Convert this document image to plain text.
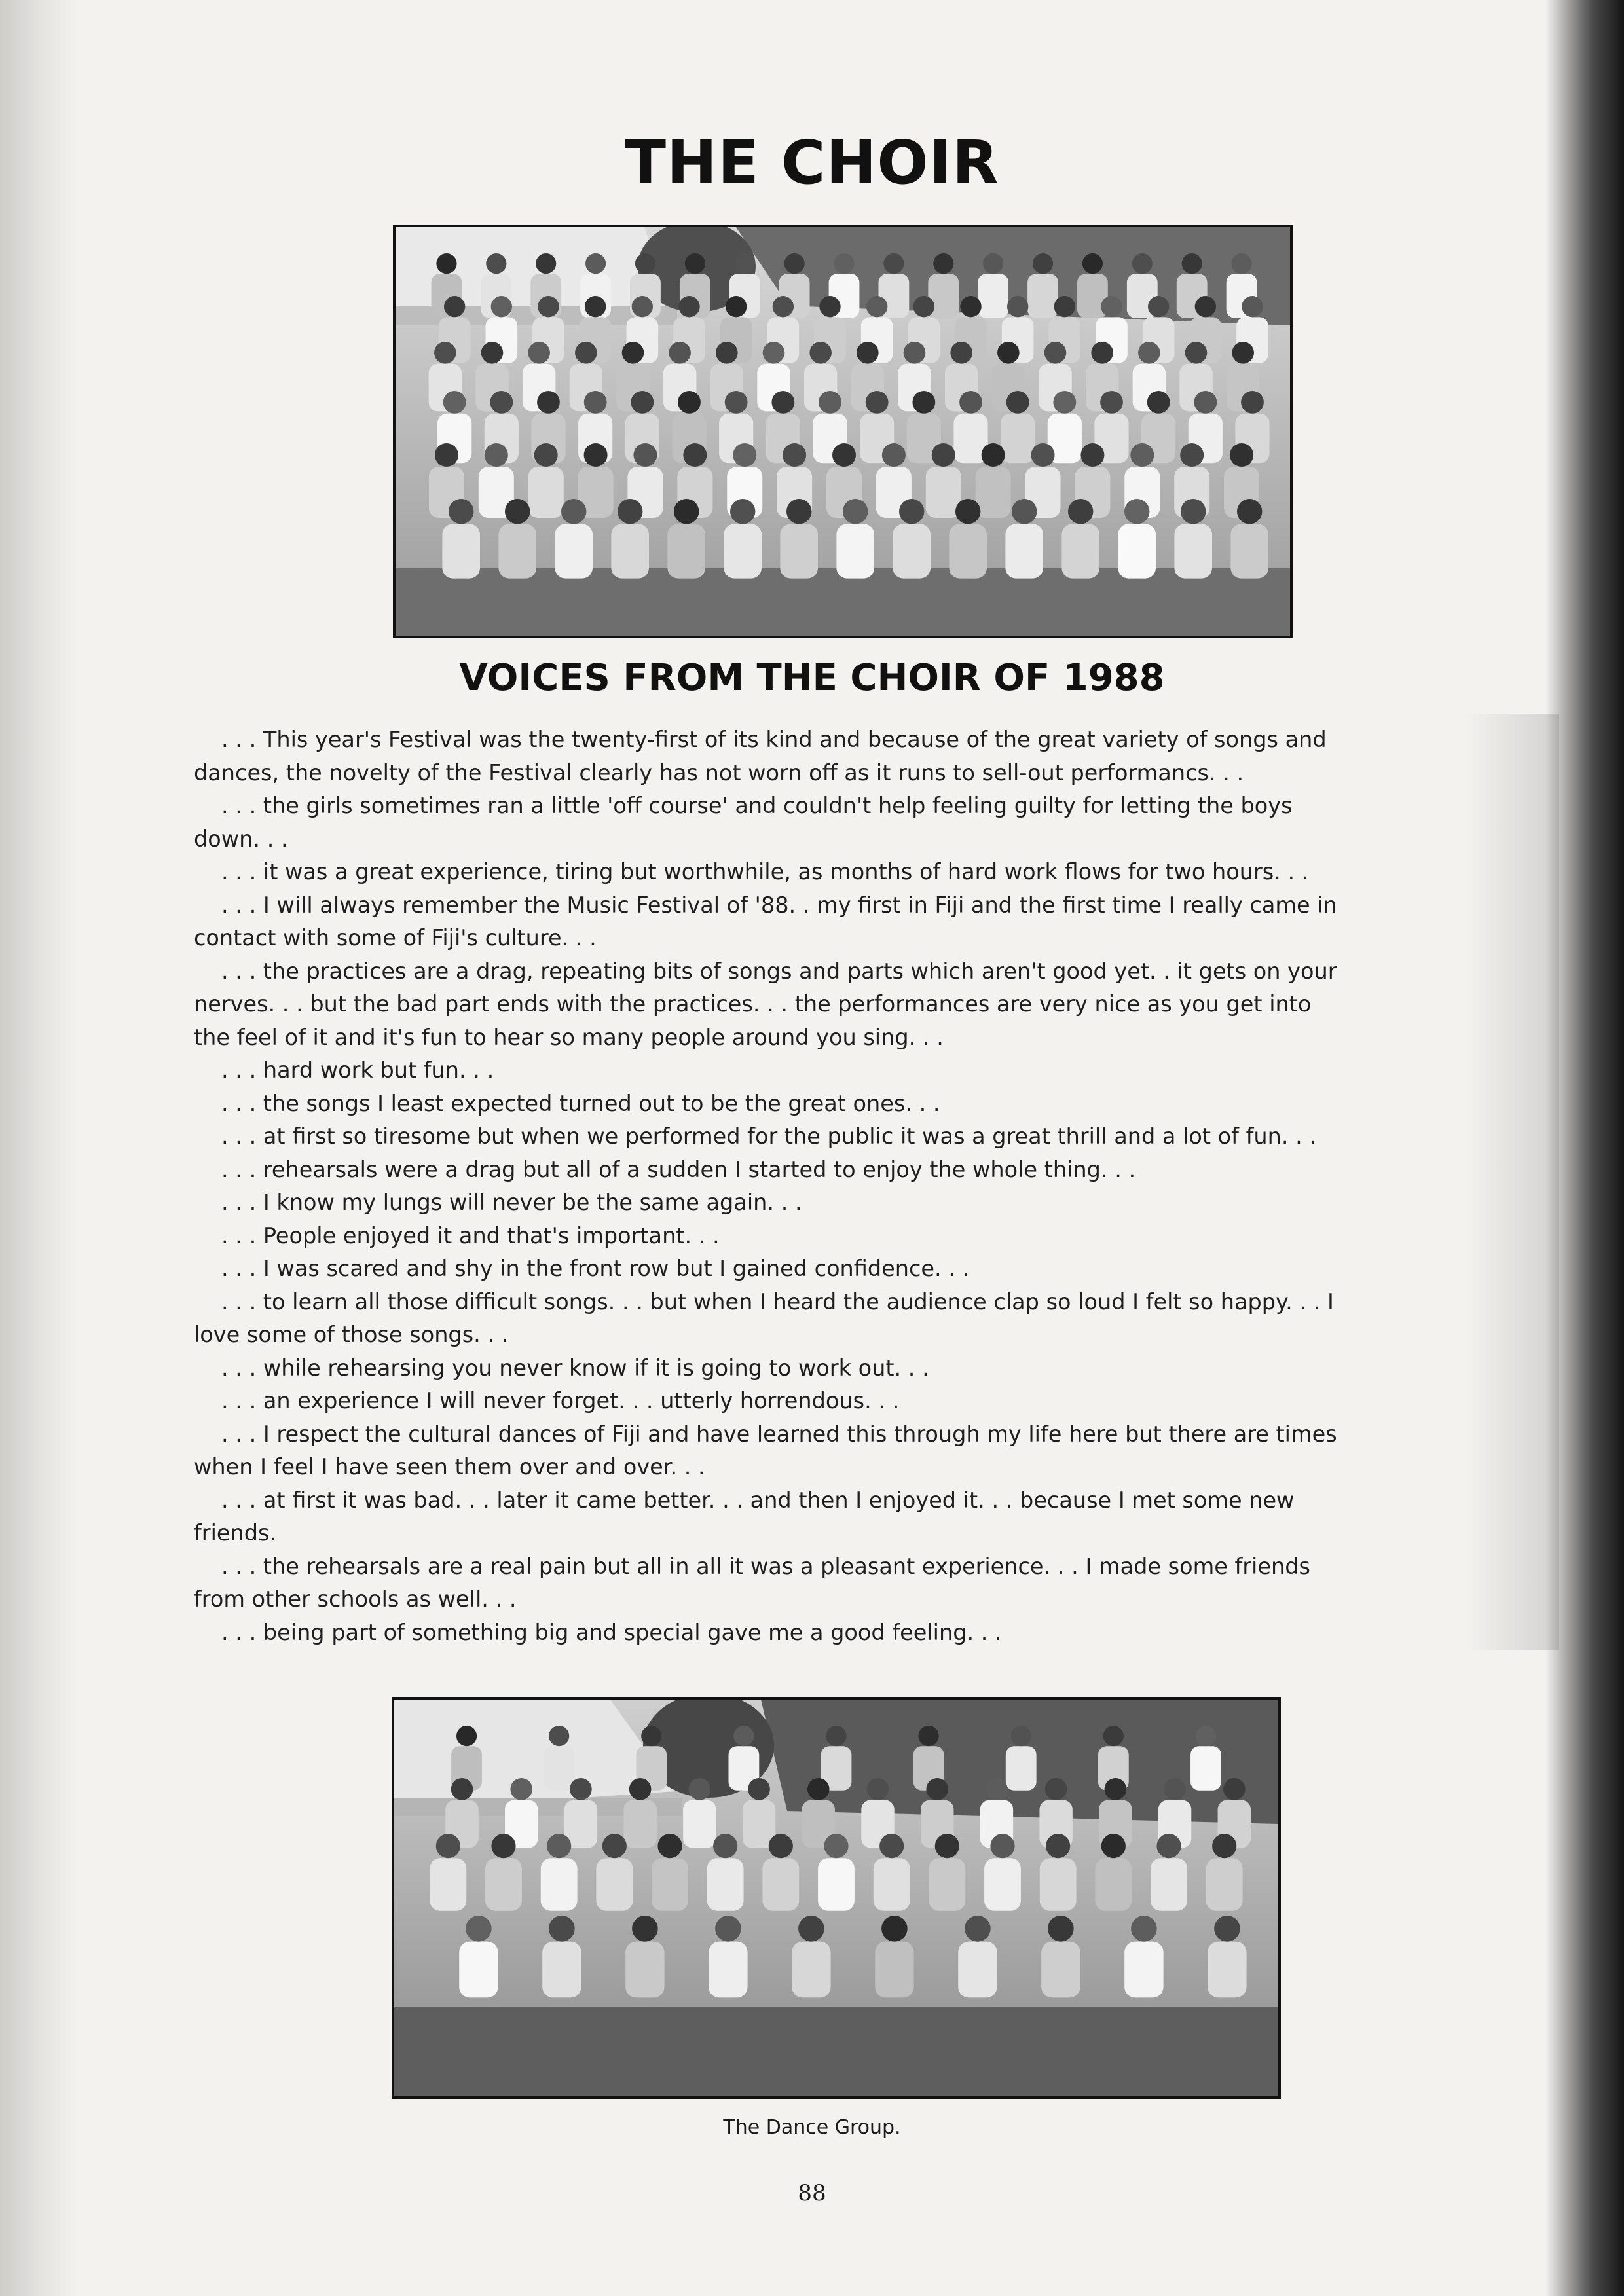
THE CHOIR
VOICES FROM THE CHOIR OF 1988

. . . This year's Festival was the twenty-first of its kind and because of the great variety of songs and

dances, the novelty of the Festival clearly has not worn off as it runs to sell-out performancs. . .

. . . the girls sometimes ran a little 'off course' and couldn't help feeling guilty for letting the boys

down. . .

. . . it was a great experience, tiring but worthwhile, as months of hard work flows for two hours. . .

. . . I will always remember the Music Festival of '88. . my first in Fiji and the first time I really came in

contact with some of Fiji's culture. . .

. . . the practices are a drag, repeating bits of songs and parts which aren't good yet. . it gets on your

nerves. . . but the bad part ends with the practices. . . the performances are very nice as you get into

the feel of it and it's fun to hear so many people around you sing. . .

. . . hard work but fun. . .

. . . the songs I least expected turned out to be the great ones. . .

. . . at first so tiresome but when we performed for the public it was a great thrill and a lot of fun. . .

. . . rehearsals were a drag but all of a sudden I started to enjoy the whole thing. . .

. . . I know my lungs will never be the same again. . .

. . . People enjoyed it and that's important. . .

. . . I was scared and shy in the front row but I gained confidence. . .

. . . to learn all those difficult songs. . . but when I heard the audience clap so loud I felt so happy. . . I

love some of those songs. . .

. . . while rehearsing you never know if it is going to work out. . .

. . . an experience I will never forget. . . utterly horrendous. . .

. . . I respect the cultural dances of Fiji and have learned this through my life here but there are times

when I feel I have seen them over and over. . .

. . . at first it was bad. . . later it came better. . . and then I enjoyed it. . . because I met some new

friends.

. . . the rehearsals are a real pain but all in all it was a pleasant experience. . . I made some friends

from other schools as well. . .

. . . being part of something big and special gave me a good feeling. . .

The Dance Group.
88
